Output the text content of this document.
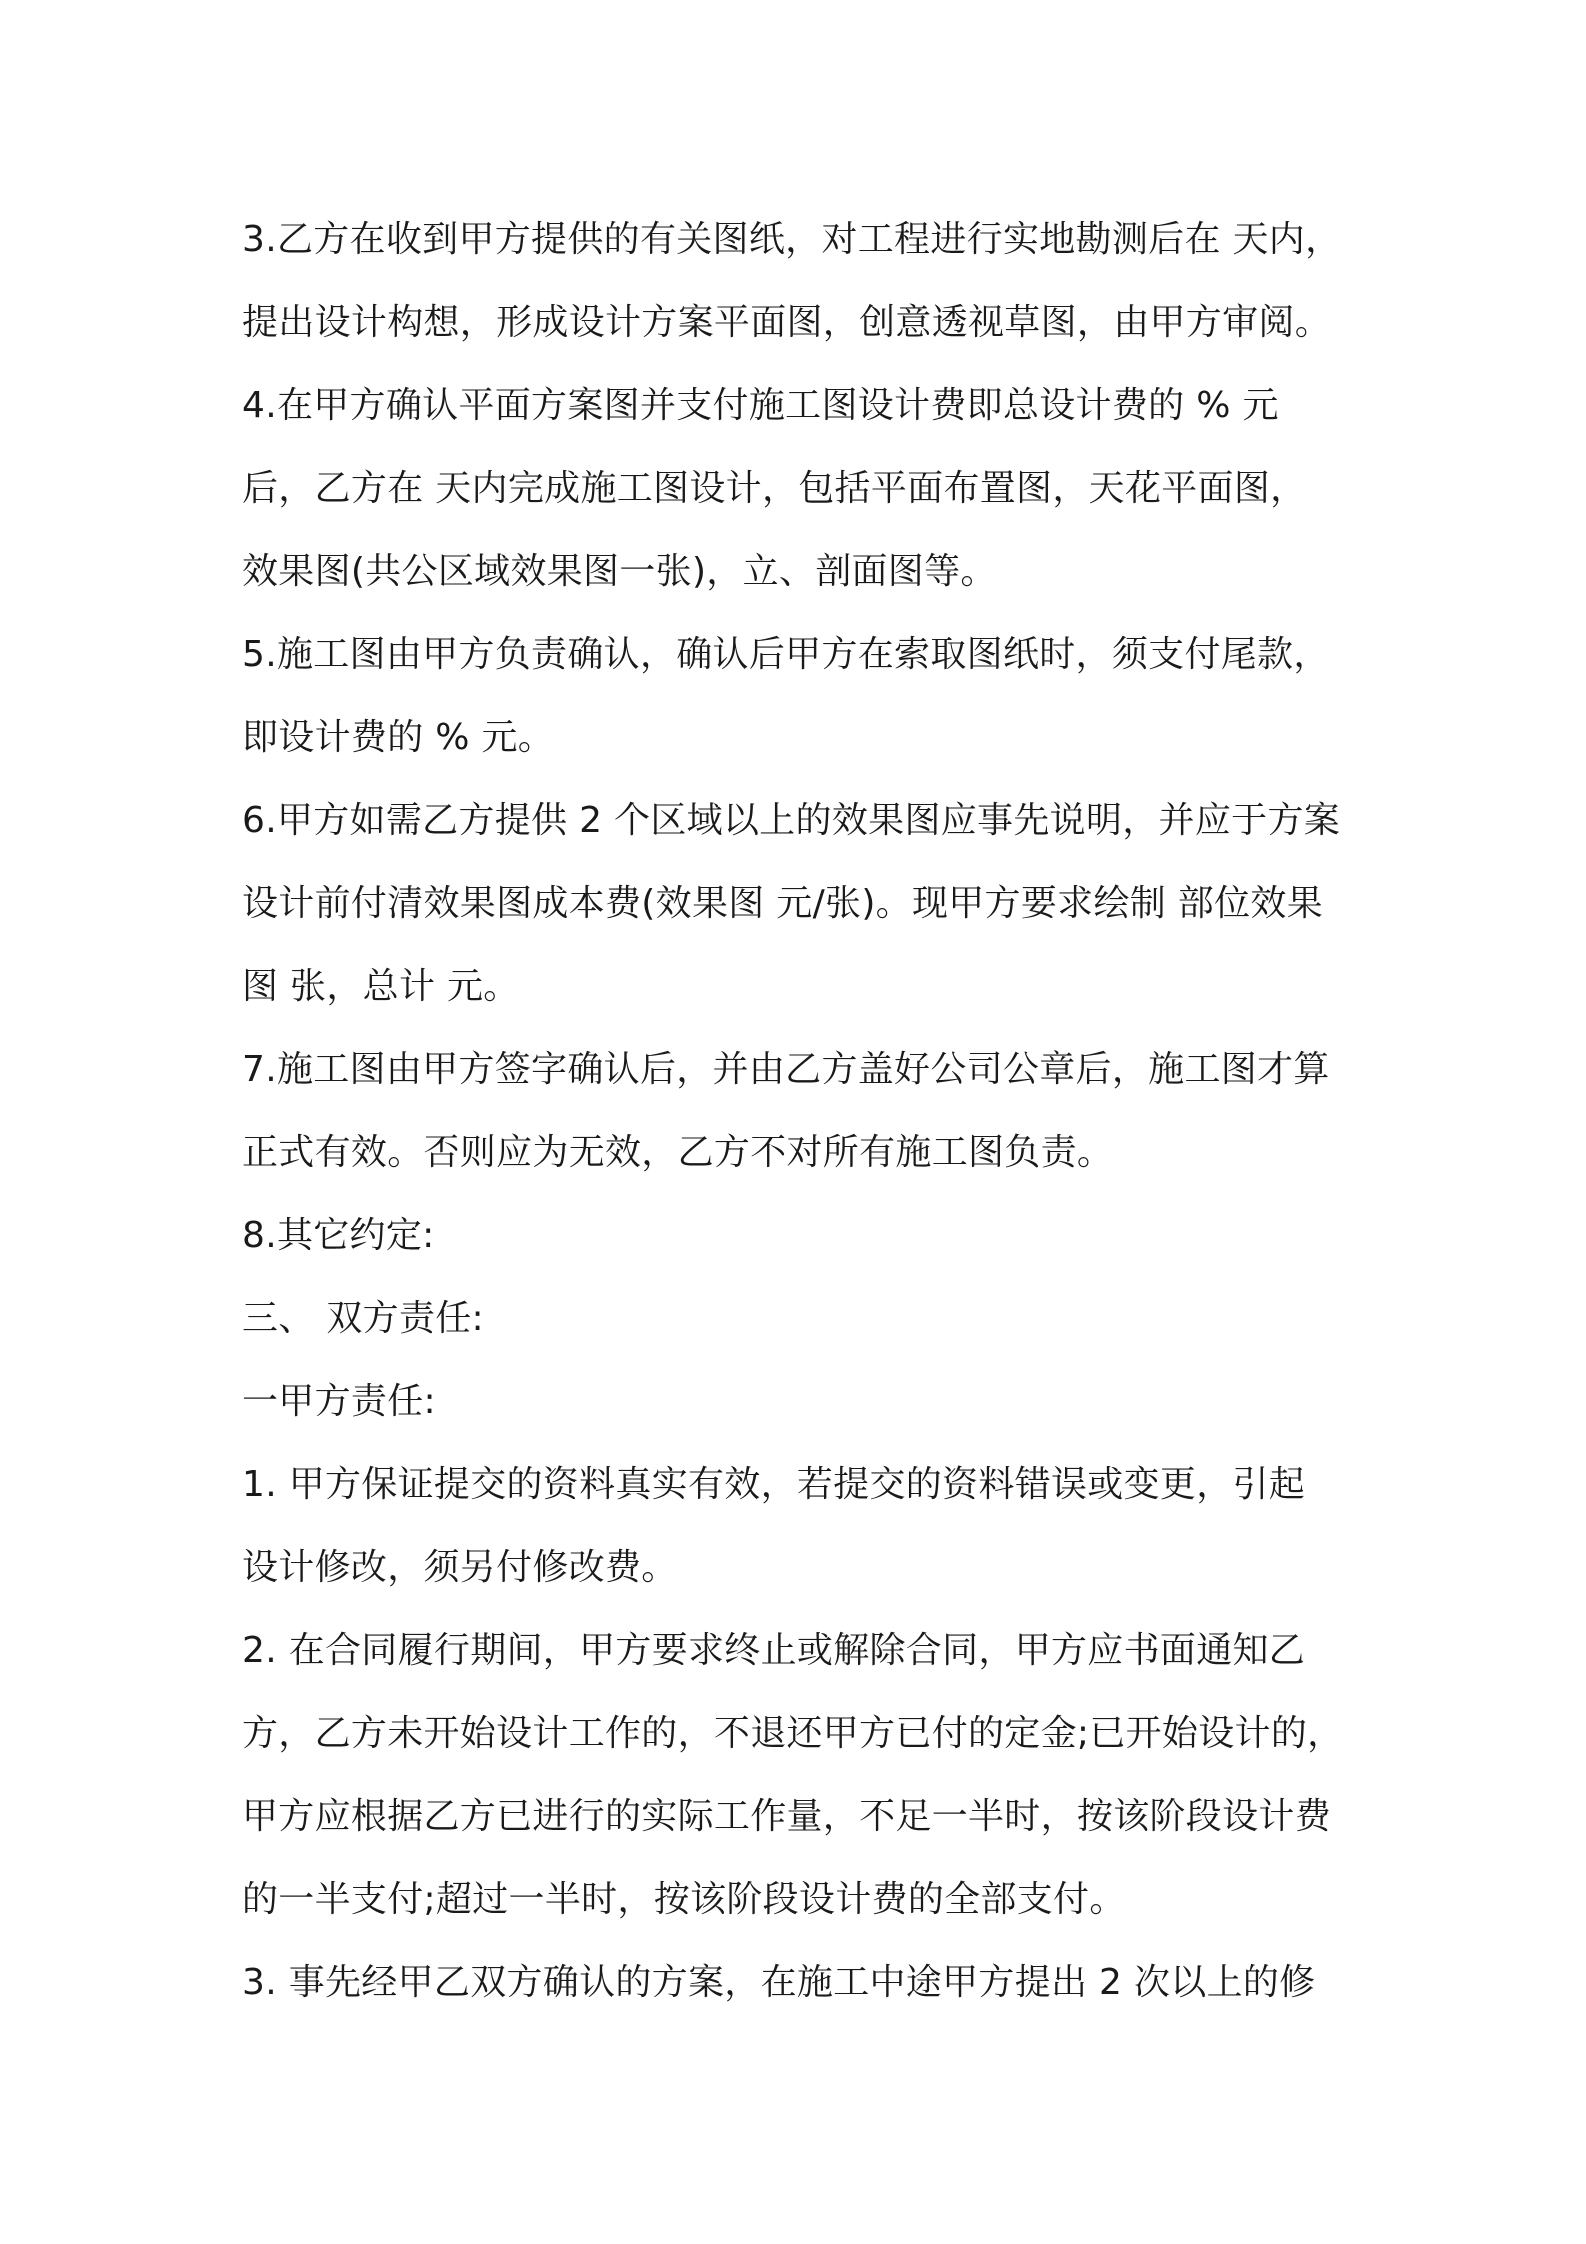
3.乙方在收到甲方提供的有关图纸，对工程进行实地勘测后在 天内，
提出设计构想，形成设计方案平面图，创意透视草图，由甲方审阅。
4.在甲方确认平面方案图并支付施工图设计费即总设计费的 % 元
后，乙方在 天内完成施工图设计，包括平面布置图，天花平面图，
效果图(共公区域效果图一张)，立、剖面图等。
5.施工图由甲方负责确认，确认后甲方在索取图纸时，须支付尾款，
即设计费的 % 元。
6.甲方如需乙方提供 2 个区域以上的效果图应事先说明，并应于方案
设计前付清效果图成本费(效果图 元/张)。现甲方要求绘制 部位效果
图 张，总计 元。
7.施工图由甲方签字确认后，并由乙方盖好公司公章后，施工图才算
正式有效。否则应为无效，乙方不对所有施工图负责。
8.其它约定:
三、 双方责任:
一甲方责任:
1. 甲方保证提交的资料真实有效，若提交的资料错误或变更，引起
设计修改，须另付修改费。
2. 在合同履行期间，甲方要求终止或解除合同，甲方应书面通知乙
方，乙方未开始设计工作的，不退还甲方已付的定金;已开始设计的，
甲方应根据乙方已进行的实际工作量，不足一半时，按该阶段设计费
的一半支付;超过一半时，按该阶段设计费的全部支付。
3. 事先经甲乙双方确认的方案，在施工中途甲方提出 2 次以上的修
